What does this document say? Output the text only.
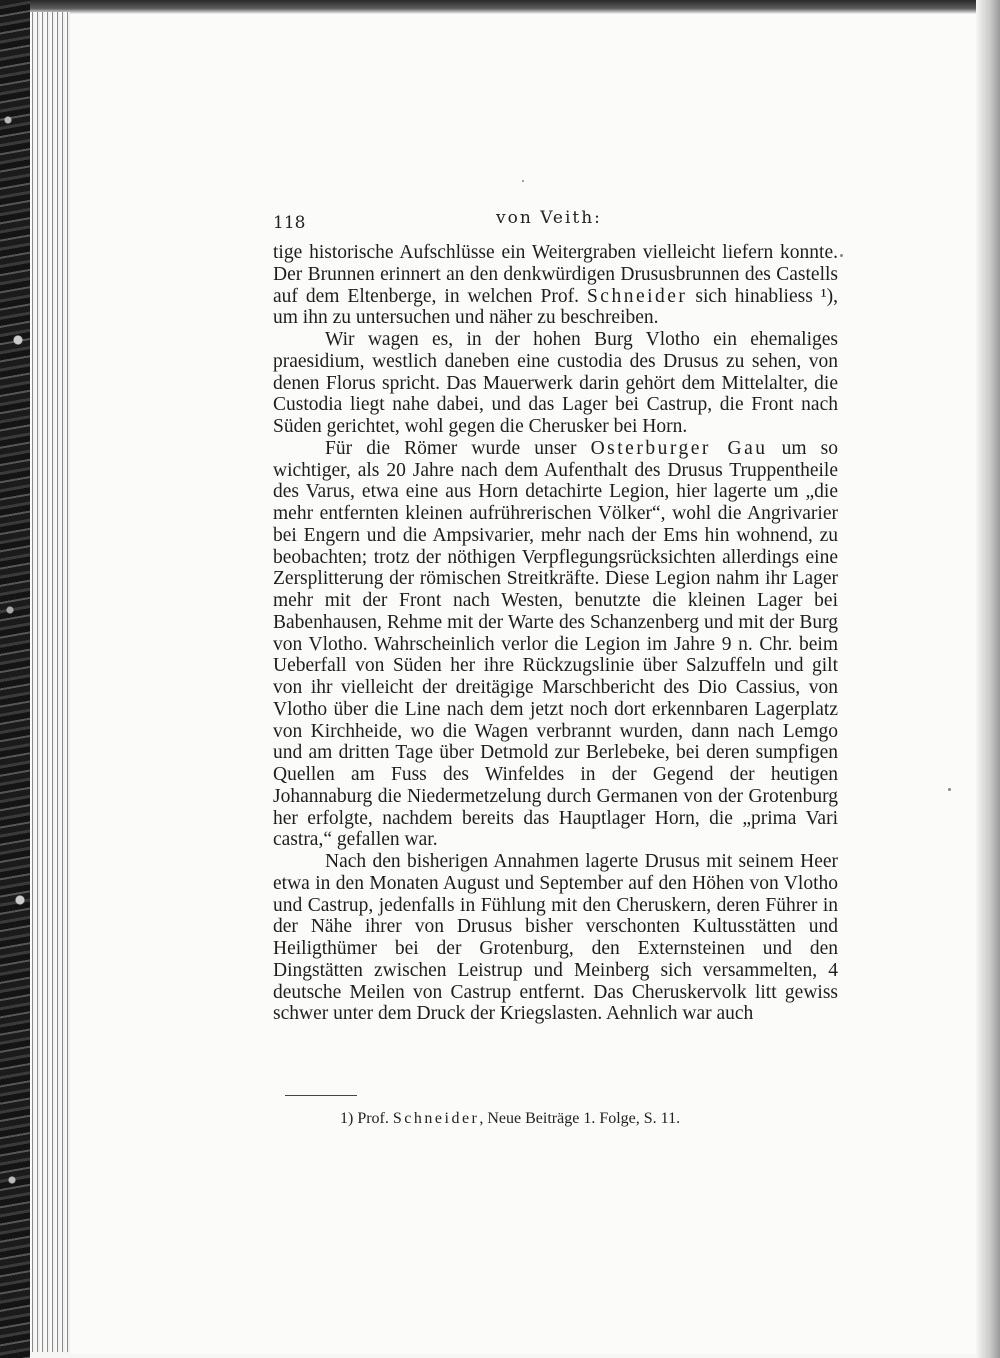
118	von Veith:

tige historische Aufschlüsse ein Weitergraben vielleicht liefern konnte. Der Brunnen erinnert an den denkwürdigen Drususbrunnen des Castells auf dem Eltenberge, in welchen Prof. Schneider sich hinabliess ¹), um ihn zu untersuchen und näher zu beschreiben.

Wir wagen es, in der hohen Burg Vlotho ein ehemaliges praesidium, westlich daneben eine custodia des Drusus zu sehen, von denen Florus spricht. Das Mauerwerk darin gehört dem Mittelalter, die Custodia liegt nahe dabei, und das Lager bei Castrup, die Front nach Süden gerichtet, wohl gegen die Cherusker bei Horn.

Für die Römer wurde unser Osterburger Gau um so wichtiger, als 20 Jahre nach dem Aufenthalt des Drusus Truppentheile des Varus, etwa eine aus Horn detachirte Legion, hier lagerte um „die mehr entfernten kleinen aufrührerischen Völker“, wohl die Angrivarier bei Engern und die Ampsivarier, mehr nach der Ems hin wohnend, zu beobachten; trotz der nöthigen Verpflegungsrücksichten allerdings eine Zersplitterung der römischen Streitkräfte. Diese Legion nahm ihr Lager mehr mit der Front nach Westen, benutzte die kleinen Lager bei Babenhausen, Rehme mit der Warte des Schanzenberg und mit der Burg von Vlotho. Wahrscheinlich verlor die Legion im Jahre 9 n. Chr. beim Ueberfall von Süden her ihre Rückzugslinie über Salzuffeln und gilt von ihr vielleicht der dreitägige Marschbericht des Dio Cassius, von Vlotho über die Line nach dem jetzt noch dort erkennbaren Lagerplatz von Kirchheide, wo die Wagen verbrannt wurden, dann nach Lemgo und am dritten Tage über Detmold zur Berlebeke, bei deren sumpfigen Quellen am Fuss des Winfeldes in der Gegend der heutigen Johannaburg die Niedermetzelung durch Germanen von der Grotenburg her erfolgte, nachdem bereits das Hauptlager Horn, die „prima Vari castra,“ gefallen war.

Nach den bisherigen Annahmen lagerte Drusus mit seinem Heer etwa in den Monaten August und September auf den Höhen von Vlotho und Castrup, jedenfalls in Fühlung mit den Cheruskern, deren Führer in der Nähe ihrer von Drusus bisher verschonten Kultusstätten und Heiligthümer bei der Grotenburg, den Externsteinen und den Dingstätten zwischen Leistrup und Meinberg sich versammelten, 4 deutsche Meilen von Castrup entfernt. Das Cheruskervolk litt gewiss schwer unter dem Druck der Kriegslasten. Aehnlich war auch

1) Prof. Schneider, Neue Beiträge 1. Folge, S. 11.
